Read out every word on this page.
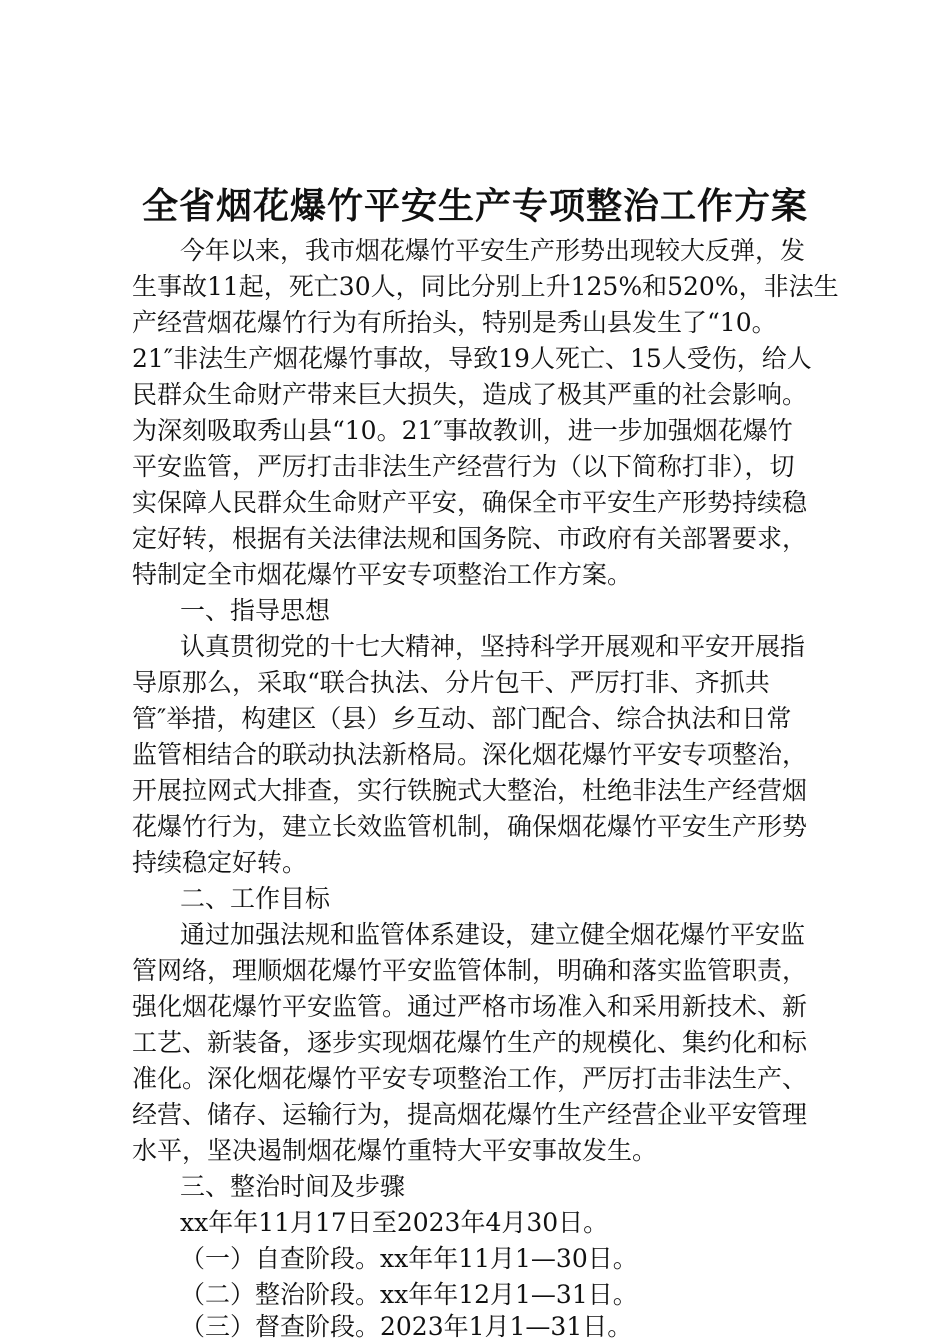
全省烟花爆竹平安生产专项整治工作方案

今年以来，我市烟花爆竹平安生产形势出现较大反弹，发

生事故11起，死亡30人，同比分别上升125%和520%，非法生

产经营烟花爆竹行为有所抬头，特别是秀山县发生了“10。

21″非法生产烟花爆竹事故，导致19人死亡、15人受伤，给人

民群众生命财产带来巨大损失，造成了极其严重的社会影响。

为深刻吸取秀山县“10。21″事故教训，进一步加强烟花爆竹

平安监管，严厉打击非法生产经营行为（以下简称打非），切

实保障人民群众生命财产平安，确保全市平安生产形势持续稳

定好转，根据有关法律法规和国务院、市政府有关部署要求，

特制定全市烟花爆竹平安专项整治工作方案。

一、指导思想

认真贯彻党的十七大精神，坚持科学开展观和平安开展指

导原那么，采取“联合执法、分片包干、严厉打非、齐抓共

管″举措，构建区（县）乡互动、部门配合、综合执法和日常

监管相结合的联动执法新格局。深化烟花爆竹平安专项整治，

开展拉网式大排查，实行铁腕式大整治，杜绝非法生产经营烟

花爆竹行为，建立长效监管机制，确保烟花爆竹平安生产形势

持续稳定好转。

二、工作目标

通过加强法规和监管体系建设，建立健全烟花爆竹平安监

管网络，理顺烟花爆竹平安监管体制，明确和落实监管职责，

强化烟花爆竹平安监管。通过严格市场准入和采用新技术、新

工艺、新装备，逐步实现烟花爆竹生产的规模化、集约化和标

准化。深化烟花爆竹平安专项整治工作，严厉打击非法生产、

经营、储存、运输行为，提高烟花爆竹生产经营企业平安管理

水平，坚决遏制烟花爆竹重特大平安事故发生。

三、整治时间及步骤

xx年年11月17日至2023年4月30日。

（一）自查阶段。xx年年11月1—30日。

（二）整治阶段。xx年年12月1—31日。

（三）督查阶段。2023年1月1—31日。
